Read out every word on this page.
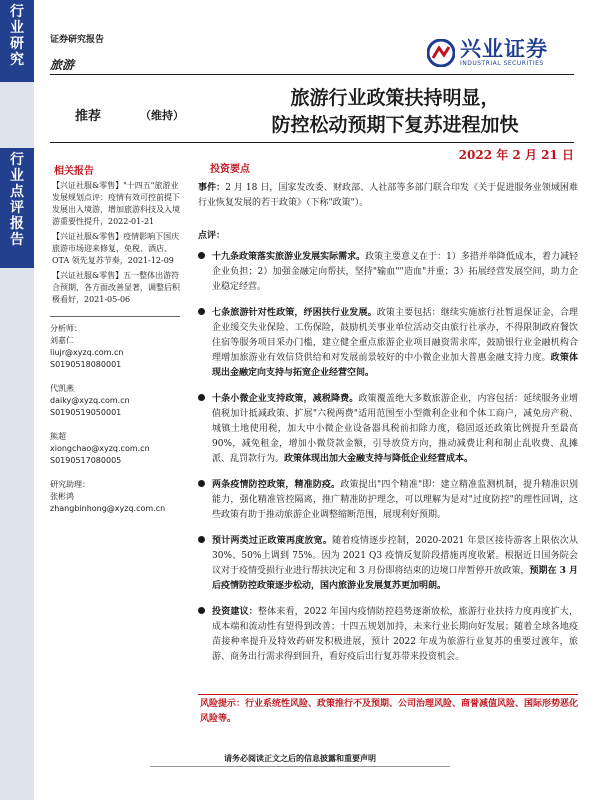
行业研究
行业点评报告
证券研究报告
旅游
兴业证券
INDUSTRIAL SECURITIES
推荐	（维持）
旅游行业政策扶持明显，
防控松动预期下复苏进程加快
2022 年 2 月 21 日
相关报告
【兴证社服&零售】"十四五"旅游业发展规划点评：疫情有效可控前提下发展出入境游，增加旅游科技及入境游重要性提升，2022-01-21
【兴证社服&零售】疫情影响下国庆旅游市场迎来修复，免税、酒店、OTA 领先复苏节奏，2021-12-09
【兴证社服&零售】五一整体出游符合预期，各方面改善显著，调整后积极看好，2021-05-06
分析师：
刘嘉仁
liujr@xyzq.com.cn
S0190518080001
代凯燕
daiky@xyzq.com.cn
S0190519050001
熊超
xiongchao@xyzq.com.cn
S0190517080005
研究助理：
张彬鸿
zhangbinhong@xyzq.com.cn
投资要点
事件：2 月 18 日，国家发改委、财政部、人社部等多部门联合印发《关于促进服务业领域困难行业恢复发展的若干政策》（下称"政策"）。
点评：
十九条政策落实旅游业发展实际需求。政策主要意义在于：1）多措并举降低成本，着力减轻企业负担；2）加强金融定向帮扶，坚持"输血""造血"并重；3）拓展经营发展空间，助力企业稳定经营。
七条旅游针对性政策，纾困扶行业发展。政策主要包括：继续实施旅行社暂退保证金，合理企业缓交失业保险、工伤保险，鼓励机关事业单位活动交由旅行社承办，不得限制政府餐饮住宿等服务项目采办门槛，建立健全重点旅游企业项目融资需求库，鼓励银行业金融机构合理增加旅游业有效信贷供给和对发展前景较好的中小微企业加大普惠金融支持力度。政策体现出金融定向支持与拓宽企业经营空间。
十条小微企业支持政策，减税降费。政策覆盖绝大多数旅游企业，内容包括：延续服务业增值税加计抵减政策、扩展"六税两费"适用范围至小型微利企业和个体工商户，减免房产税、城镇土地使用税，加大中小微企业设备器具税前扣除力度，稳固返还政策比例提升至最高 90%，减免租金，增加小微贷款金额，引导放贷方向，推动减费让利和制止乱收费、乱摊派、乱罚款行为。政策体现出加大金融支持与降低企业经营成本。
两条疫情防控政策，精准防疫。政策提出"四个精准"即：建立精准监测机制，提升精准识别能力，强化精准管控隔离，推广精准防护理念，可以理解为是对"过度防控"的理性回调，这些政策有助于推动旅游企业调整缩断范围，展现利好预期。
预计两类过正政策再度放宽。随着疫情逐步控制，2020-2021 年景区接待游客上限依次从 30%、50%上调到 75%。因为 2021 Q3 疫情反复阶段措施再度收紧。根据近日国务院会议对于疫情受损行业进行帮扶决定和 3 月份即将结束的边境口岸暂停开放政策，预期在 3 月后疫情防控政策逐步松动，国内旅游业发展复苏更加明朗。
投资建议：整体来看，2022 年国内疫情防控趋势逐渐放松，旅游行业扶持力度再度扩大，成本端和流动性有望得到改善；十四五规划加持，未来行业长期向好发展；随着全球各地疫苗接种率提升及特效药研发积极进展，预计 2022 年成为旅游行业复苏的重要过渡年，旅游、商务出行需求得到回升，看好疫后出行复苏带来投资机会。
风险提示：行业系统性风险、政策推行不及预期、公司治理风险、商誉减值风险、国际形势恶化风险等。
请务必阅读正文之后的信息披露和重要声明
